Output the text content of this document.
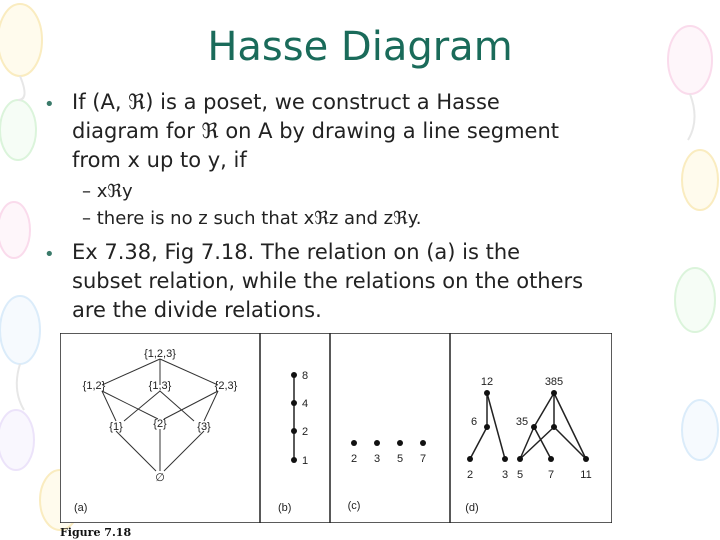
Hasse Diagram
• If (A, ℜ) is a poset, we construct a Hasse
diagram for ℜ on A by drawing a line segment
from x up to y, if
– xℜy
– there is no z such that xℜz and zℜy.
• Ex 7.38, Fig 7.18. The relation on (a) is the
subset relation, while the relations on the others
are the divide relations.
{1,2,3}
{1,2}	{1,3}	{2,3}
{1}	{2}	{3}
∅
(a)
8
4
2
1
(b)
2 3 5 7
(c)
12
6
2	3
385
35
5 7 11
(d)
Figure 7.18
